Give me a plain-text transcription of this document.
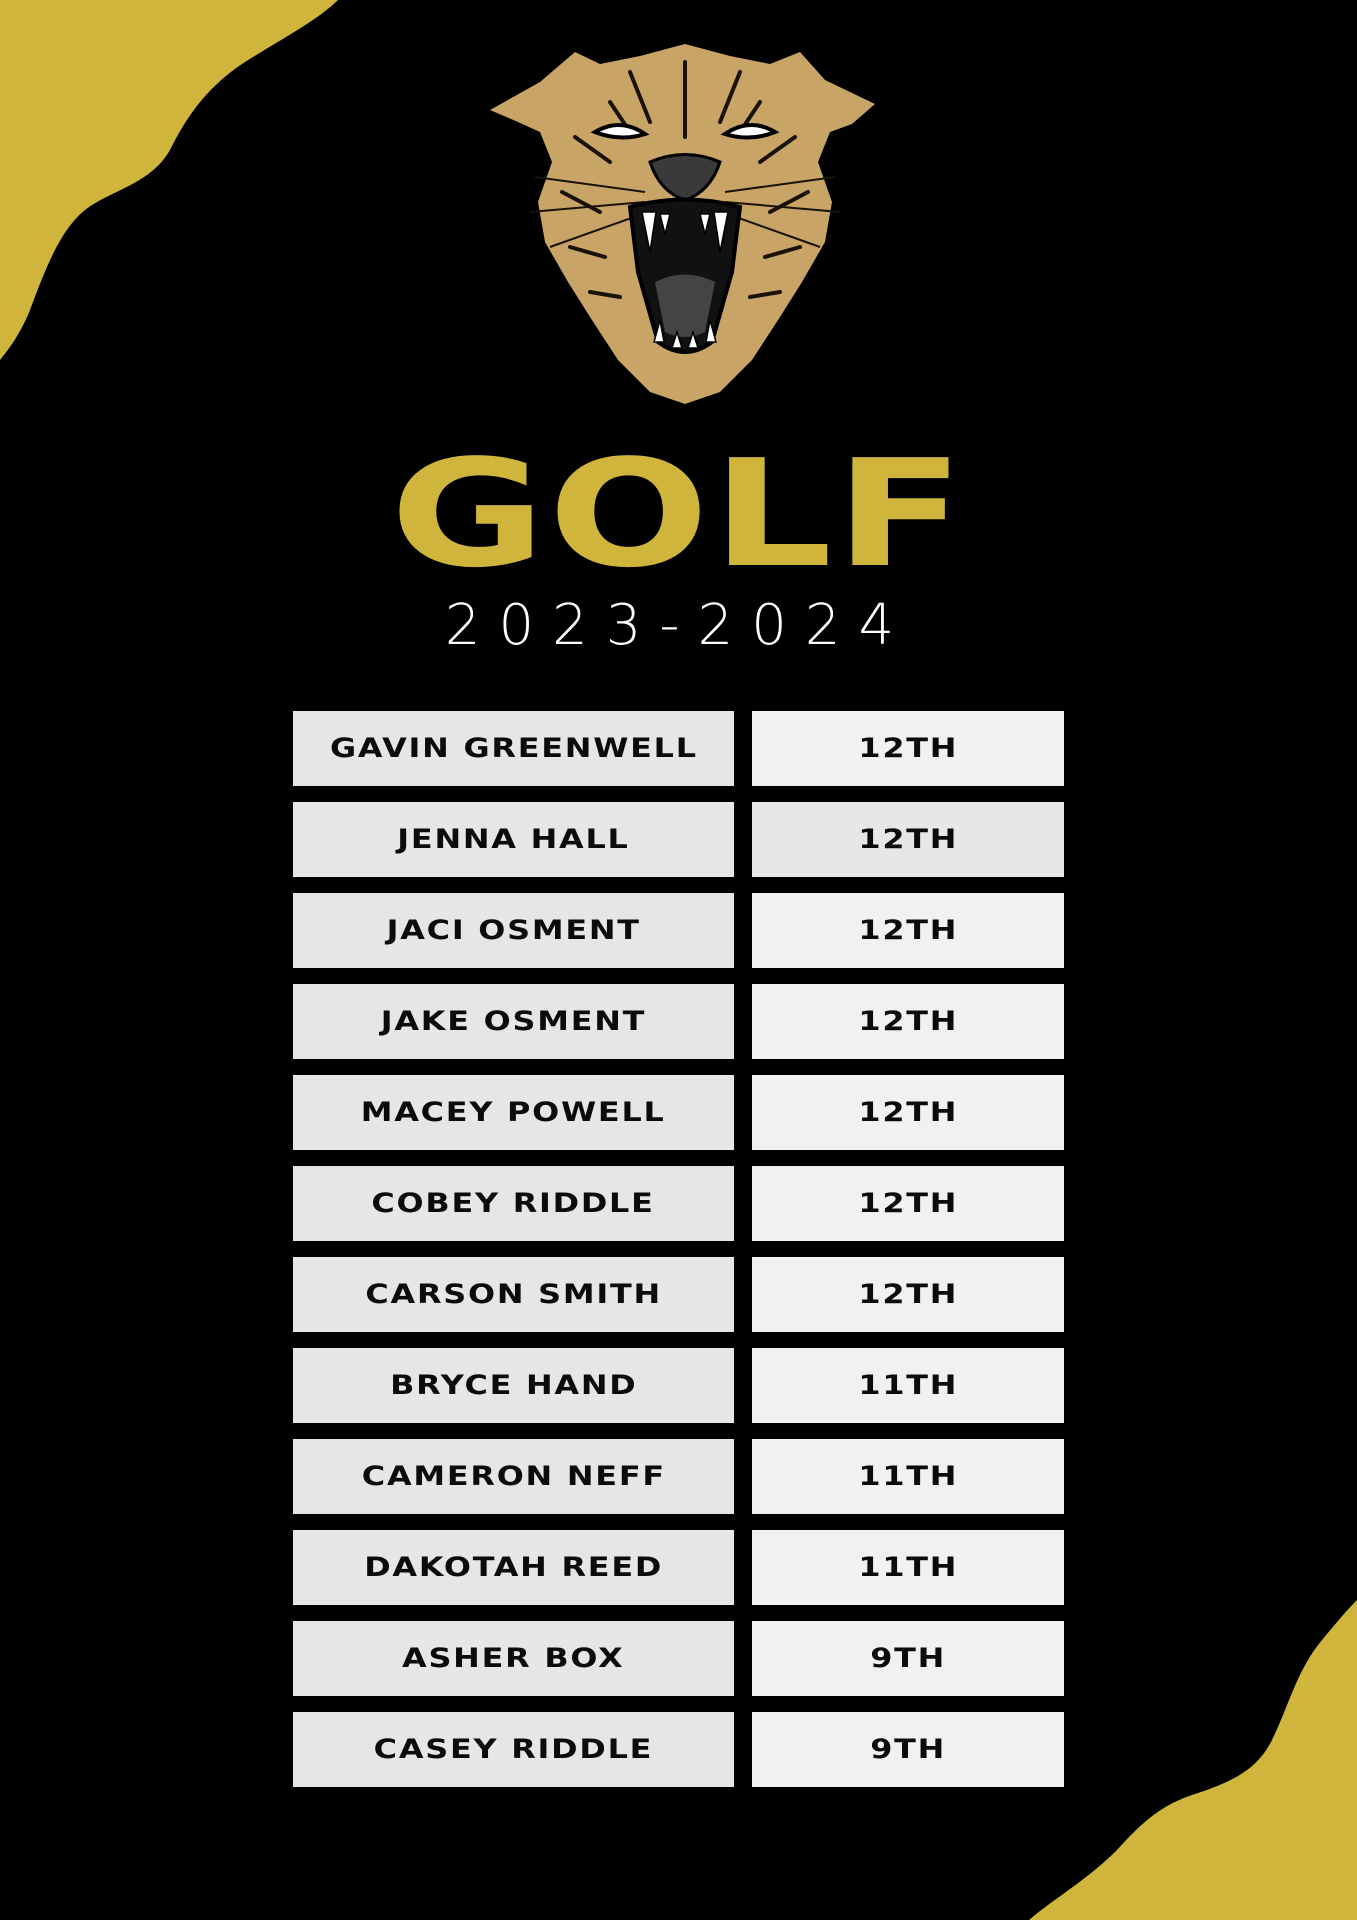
GOLF
2023-2024
GAVIN GREENWELL	12TH
JENNA HALL	12TH
JACI OSMENT	12TH
JAKE OSMENT	12TH
MACEY POWELL	12TH
COBEY RIDDLE	12TH
CARSON SMITH	12TH
BRYCE HAND	11TH
CAMERON NEFF	11TH
DAKOTAH REED	11TH
ASHER BOX	9TH
CASEY RIDDLE	9TH
